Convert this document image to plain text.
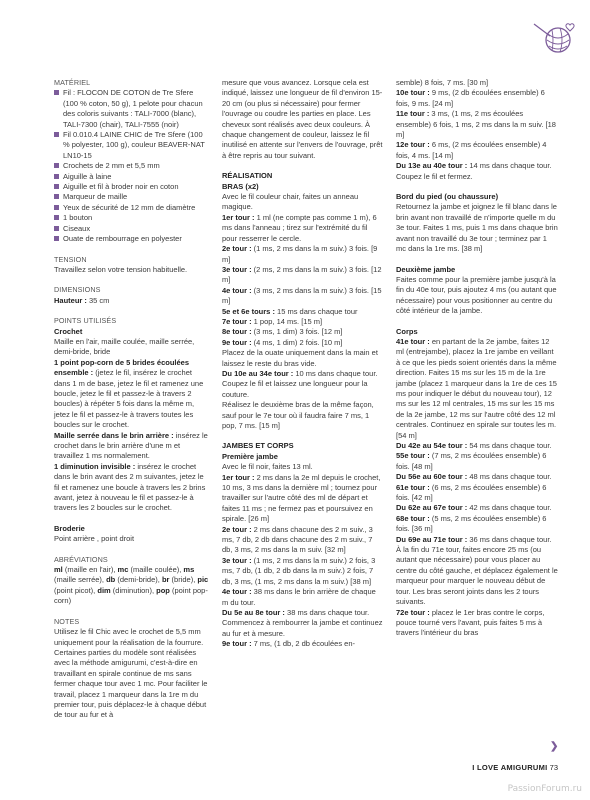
MATÉRIEL

Fil : FLOCON DE COTON de Tre Sfere (100 % coton, 50 g), 1 pelote pour chacun des coloris suivants : TALI-7000 (blanc), TALI-7300 (chair), TALI-7555 (noir)
Fil 0.010.4 LAINE CHIC de Tre Sfere (100 % polyester, 100 g), couleur BEAVER-NAT LN10-15
Crochets de 2 mm et 5,5 mm
Aiguille à laine
Aiguille et fil à broder noir en coton
Marqueur de maille
Yeux de sécurité de 12 mm de diamètre
1 bouton
Ciseaux
Ouate de rembourrage en polyester

TENSION

Travaillez selon votre tension habituelle.

DIMENSIONS

Hauteur : 35 cm

POINTS UTILISÉS

Crochet

Maille en l'air, maille coulée, maille serrée, demi-bride, bride

1 point pop-corn de 5 brides écoulées ensemble : (jetez le fil, insérez le crochet dans 1 m de base, jetez le fil et ramenez une boucle, jetez le fil et passez-le à travers 2 boucles) à répéter 5 fois dans la même m, jetez le fil et passez-le à travers toutes les boucles sur le crochet.

Maille serrée dans le brin arrière : insérez le crochet dans le brin arrière d'une m et travaillez 1 ms normalement.

1 diminution invisible : insérez le crochet dans le brin avant des 2 m suivantes, jetez le fil et ramenez une boucle à travers les 2 brins avant, jetez à nouveau le fil et passez-le à travers les 2 boucles sur le crochet.

Broderie

Point arrière , point droit

ABRÉVIATIONS

ml (maille en l'air), mc (maille coulée), ms (maille serrée), db (demi-bride), br (bride), pic (point picot), dim (diminution), pop (point pop-corn)

NOTES

Utilisez le fil Chic avec le crochet de 5,5 mm uniquement pour la réalisation de la fourrure. Certaines parties du modèle sont réalisées avec la méthode amigurumi, c'est-à-dire en travaillant en spirale continue de ms sans fermer chaque tour avec 1 mc. Pour faciliter le travail, placez 1 marqueur dans la 1re m du premier tour, puis déplacez-le à chaque début de tour au fur et à

mesure que vous avancez. Lorsque cela est indiqué, laissez une longueur de fil d'environ 15-20 cm (ou plus si nécessaire) pour fermer l'ouvrage ou coudre les parties en place. Les cheveux sont réalisés avec deux couleurs. À chaque changement de couleur, laissez le fil inutilisé en attente sur l'envers de l'ouvrage, prêt à être repris au tour suivant.

RÉALISATION

BRAS (x2)

Avec le fil couleur chair, faites un anneau magique.

1er tour : 1 ml (ne compte pas comme 1 m), 6 ms dans l'anneau ; tirez sur l'extrémité du fil pour resserrer le cercle.

2e tour : (1 ms, 2 ms dans la m suiv.) 3 fois. [9 m]

3e tour : (2 ms, 2 ms dans la m suiv.) 3 fois. [12 m]

4e tour : (3 ms, 2 ms dans la m suiv.) 3 fois. [15 m]

5e et 6e tours : 15 ms dans chaque tour

7e tour : 1 pop, 14 ms. [15 m]

8e tour : (3 ms, 1 dim) 3 fois. [12 m]

9e tour : (4 ms, 1 dim) 2 fois. [10 m]

Placez de la ouate uniquement dans la main et laissez le reste du bras vide.

Du 10e au 34e tour : 10 ms dans chaque tour.

Coupez le fil et laissez une longueur pour la couture.

Réalisez le deuxième bras de la même façon, sauf pour le 7e tour où il faudra faire 7 ms, 1 pop, 7 ms. [15 m]

JAMBES ET CORPS

Première jambe

Avec le fil noir, faites 13 ml.

1er tour : 2 ms dans la 2e ml depuis le crochet, 10 ms, 3 ms dans la dernière ml ; tournez pour travailler sur l'autre côté des ml de départ et faites 11 ms ; ne fermez pas et poursuivez en spirale. [26 m]

2e tour : 2 ms dans chacune des 2 m suiv., 3 ms, 7 db, 2 db dans chacune des 2 m suiv., 7 db, 3 ms, 2 ms dans la m suiv. [32 m]

3e tour : (1 ms, 2 ms dans la m suiv.) 2 fois, 3 ms, 7 db, (1 db, 2 db dans la m suiv.) 2 fois, 7 db, 3 ms, (1 ms, 2 ms dans la m suiv.) [38 m]

4e tour : 38 ms dans le brin arrière de chaque m du tour.

Du 5e au 8e tour : 38 ms dans chaque tour.

Commencez à rembourrer la jambe et continuez au fur et à mesure.

9e tour : 7 ms, (1 db, 2 db écoulées en-

semble) 8 fois, 7 ms. [30 m]

10e tour : 9 ms, (2 db écoulées ensemble) 6 fois, 9 ms. [24 m]

11e tour : 3 ms, (1 ms, 2 ms écoulées ensemble) 6 fois, 1 ms, 2 ms dans la m suiv. [18 m]

12e tour : 6 ms, (2 ms écoulées ensemble) 4 fois, 4 ms. [14 m]

Du 13e au 40e tour : 14 ms dans chaque tour. Coupez le fil et fermez.

Bord du pied (ou chaussure)

Retournez la jambe et joignez le fil blanc dans le brin avant non travaillé de n'importe quelle m du 3e tour. Faites 1 ms, puis 1 ms dans chaque brin avant non travaillé du 3e tour ; terminez par 1 mc dans la 1re ms. [38 m]

Deuxième jambe

Faites comme pour la première jambe jusqu'à la fin du 40e tour, puis ajoutez 4 ms (ou autant que nécessaire) pour vous positionner au centre du côté intérieur de la jambe.

Corps

41e tour : en partant de la 2e jambe, faites 12 ml (entrejambe), placez la 1re jambe en veillant à ce que les pieds soient orientés dans la même direction. Faites 15 ms sur les 15 m de la 1re jambe (placez 1 marqueur dans la 1re de ces 15 ms pour indiquer le début du nouveau tour), 12 ms sur les 12 ml centrales, 15 ms sur les 15 ms de la 2e jambe, 12 ms sur l'autre côté des 12 ml centrales. Continuez en spirale sur toutes les m. [54 m]

Du 42e au 54e tour : 54 ms dans chaque tour.

55e tour : (7 ms, 2 ms écoulées ensemble) 6 fois. [48 m]

Du 56e au 60e tour : 48 ms dans chaque tour.

61e tour : (6 ms, 2 ms écoulées ensemble) 6 fois. [42 m]

Du 62e au 67e tour : 42 ms dans chaque tour.

68e tour : (5 ms, 2 ms écoulées ensemble) 6 fois. [36 m]

Du 69e au 71e tour : 36 ms dans chaque tour.

À la fin du 71e tour, faites encore 25 ms (ou autant que nécessaire) pour vous placer au centre du côté gauche, et déplacez également le marqueur pour marquer le nouveau début de tour. Les bras seront joints dans les 2 tours suivants.

72e tour : placez le 1er bras contre le corps, pouce tourné vers l'avant, puis faites 5 ms à travers l'intérieur du bras

❯
I LOVE AMIGURUMI 73
PassionForum.ru
